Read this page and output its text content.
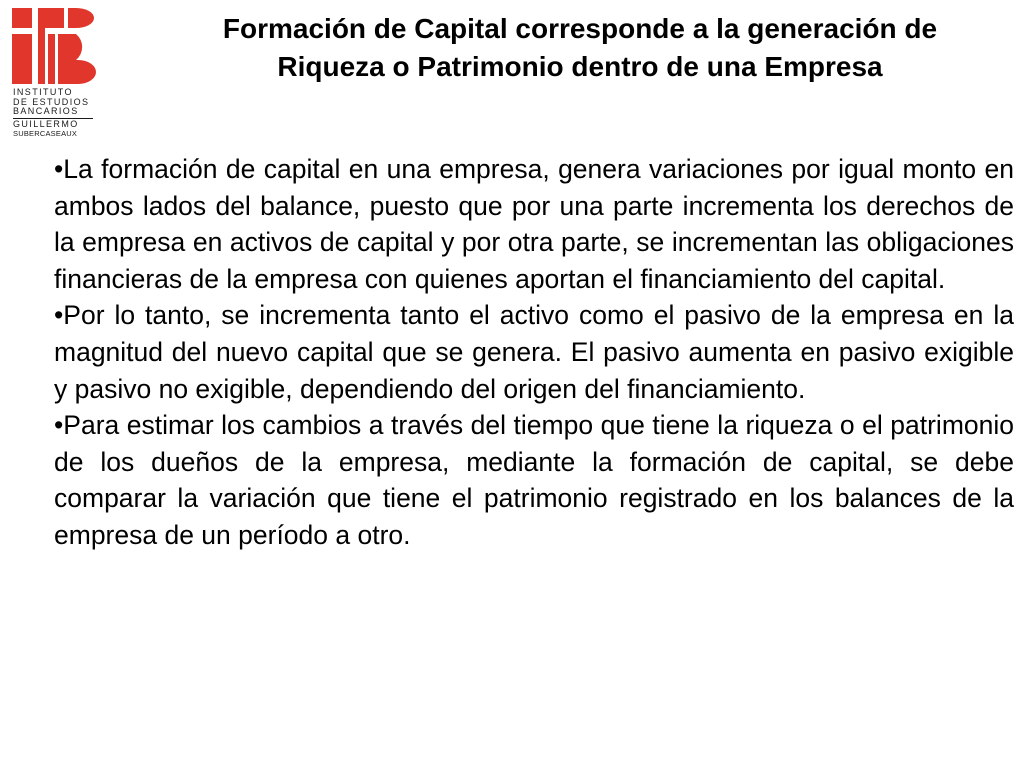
INSTITUTO
DE ESTUDIOS
BANCARIOS
GUILLERMO
SUBERCASEAUX
Formación de Capital corresponde a la generación de
Riqueza o Patrimonio dentro de una Empresa

•La formación de capital en una empresa, genera variaciones por igual monto en ambos lados del balance, puesto que por una parte incrementa los derechos de la empresa en activos de capital y por otra parte, se incrementan las obligaciones financieras de la empresa con quienes aportan el financiamiento del capital.

•Por lo tanto, se incrementa tanto el activo como el pasivo de la empresa en la magnitud del nuevo capital que se genera. El pasivo aumenta en pasivo exigible y pasivo no exigible, dependiendo del origen del financiamiento.

•Para estimar los cambios a través del tiempo que tiene la riqueza o el patrimonio de los dueños de la empresa, mediante la formación de capital, se debe comparar la variación que tiene el patrimonio registrado en los balances de la empresa de un período a otro.
